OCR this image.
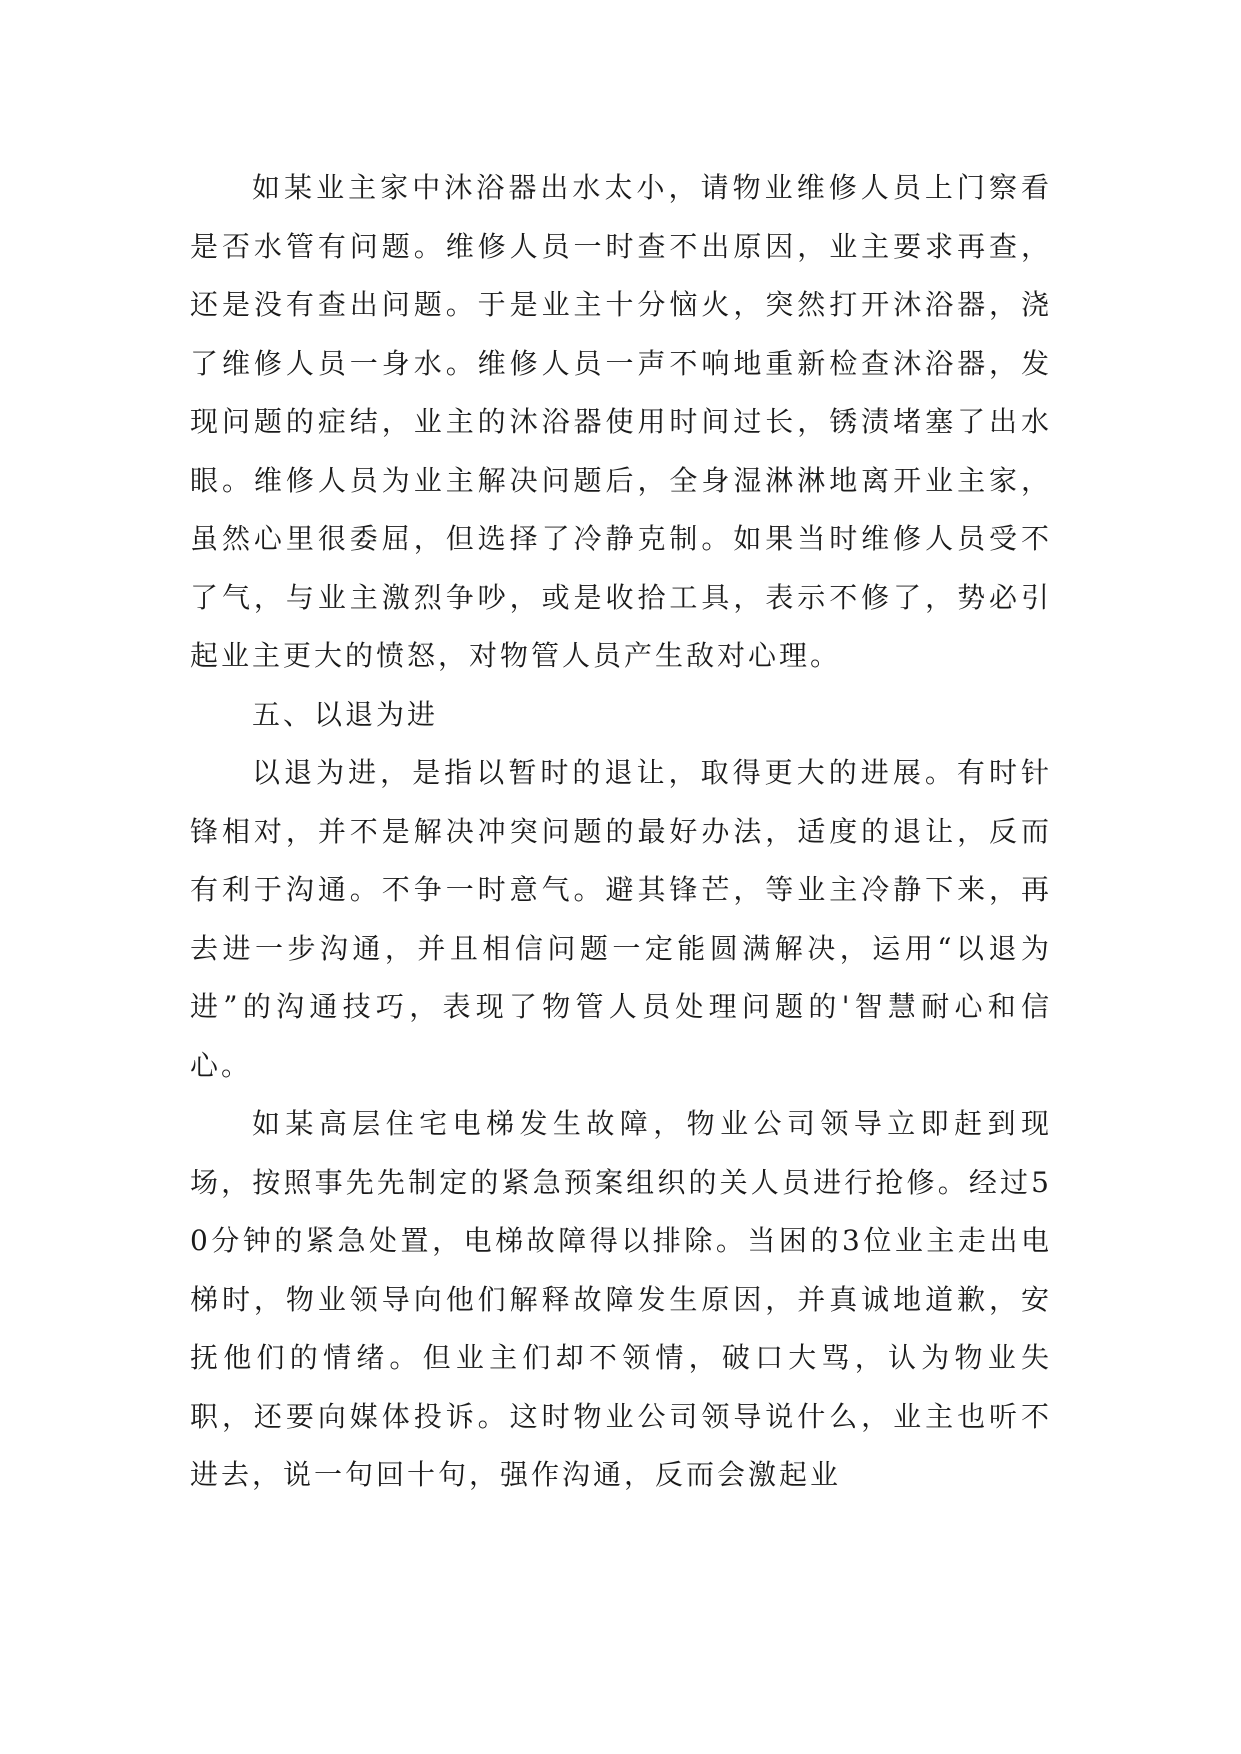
如某业主家中沐浴器出水太小，请物业维修人员上门察看是否水管有问题。维修人员一时查不出原因，业主要求再查，还是没有查出问题。于是业主十分恼火，突然打开沐浴器，浇了维修人员一身水。维修人员一声不响地重新检查沐浴器，发现问题的症结，业主的沐浴器使用时间过长，锈渍堵塞了出水眼。维修人员为业主解决问题后，全身湿淋淋地离开业主家，虽然心里很委屈，但选择了冷静克制。如果当时维修人员受不了气，与业主激烈争吵，或是收拾工具，表示不修了，势必引起业主更大的愤怒，对物管人员产生敌对心理。

五、以退为进

以退为进，是指以暂时的退让，取得更大的进展。有时针锋相对，并不是解决冲突问题的最好办法，适度的退让，反而有利于沟通。不争一时意气。避其锋芒，等业主冷静下来，再去进一步沟通，并且相信问题一定能圆满解决，运用“以退为进”的沟通技巧，表现了物管人员处理问题的'智慧耐心和信心。

如某高层住宅电梯发生故障，物业公司领导立即赶到现场，按照事先先制定的紧急预案组织的关人员进行抢修。经过50分钟的紧急处置，电梯故障得以排除。当困的3位业主走出电梯时，物业领导向他们解释故障发生原因，并真诚地道歉，安抚他们的情绪。但业主们却不领情，破口大骂，认为物业失职，还要向媒体投诉。这时物业公司领导说什么，业主也听不进去，说一句回十句，强作沟通，反而会激起业
